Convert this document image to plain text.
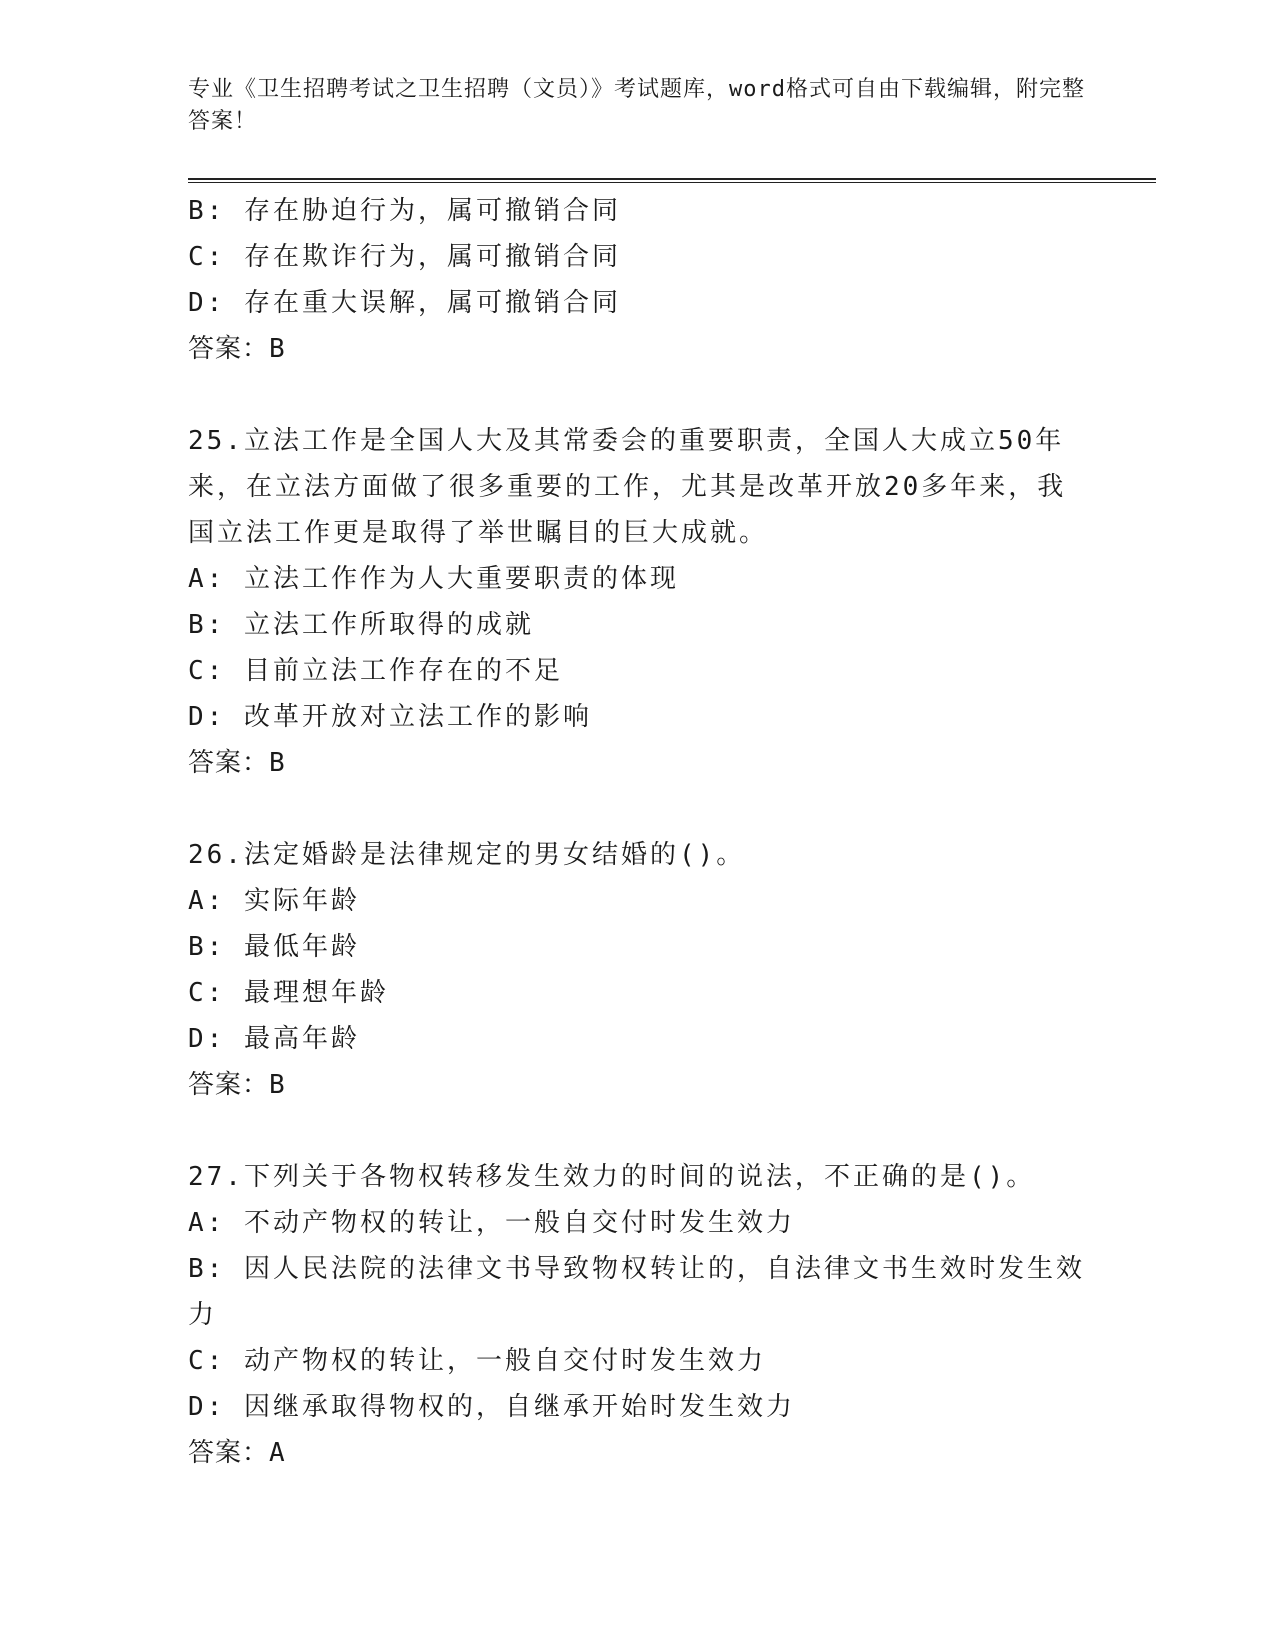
专业《卫生招聘考试之卫生招聘（文员）》考试题库，word格式可自由下载编辑，附完整答案！

B: 存在胁迫行为，属可撤销合同

C: 存在欺诈行为，属可撤销合同

D: 存在重大误解，属可撤销合同

答案：B

25.立法工作是全国人大及其常委会的重要职责，全国人大成立50年来，在立法方面做了很多重要的工作，尤其是改革开放20多年来，我国立法工作更是取得了举世瞩目的巨大成就。

A: 立法工作作为人大重要职责的体现

B: 立法工作所取得的成就

C: 目前立法工作存在的不足

D: 改革开放对立法工作的影响

答案：B

26.法定婚龄是法律规定的男女结婚的()。

A: 实际年龄

B: 最低年龄

C: 最理想年龄

D: 最高年龄

答案：B

27.下列关于各物权转移发生效力的时间的说法，不正确的是()。

A: 不动产物权的转让，一般自交付时发生效力

B: 因人民法院的法律文书导致物权转让的，自法律文书生效时发生效力

C: 动产物权的转让，一般自交付时发生效力

D: 因继承取得物权的，自继承开始时发生效力

答案：A
